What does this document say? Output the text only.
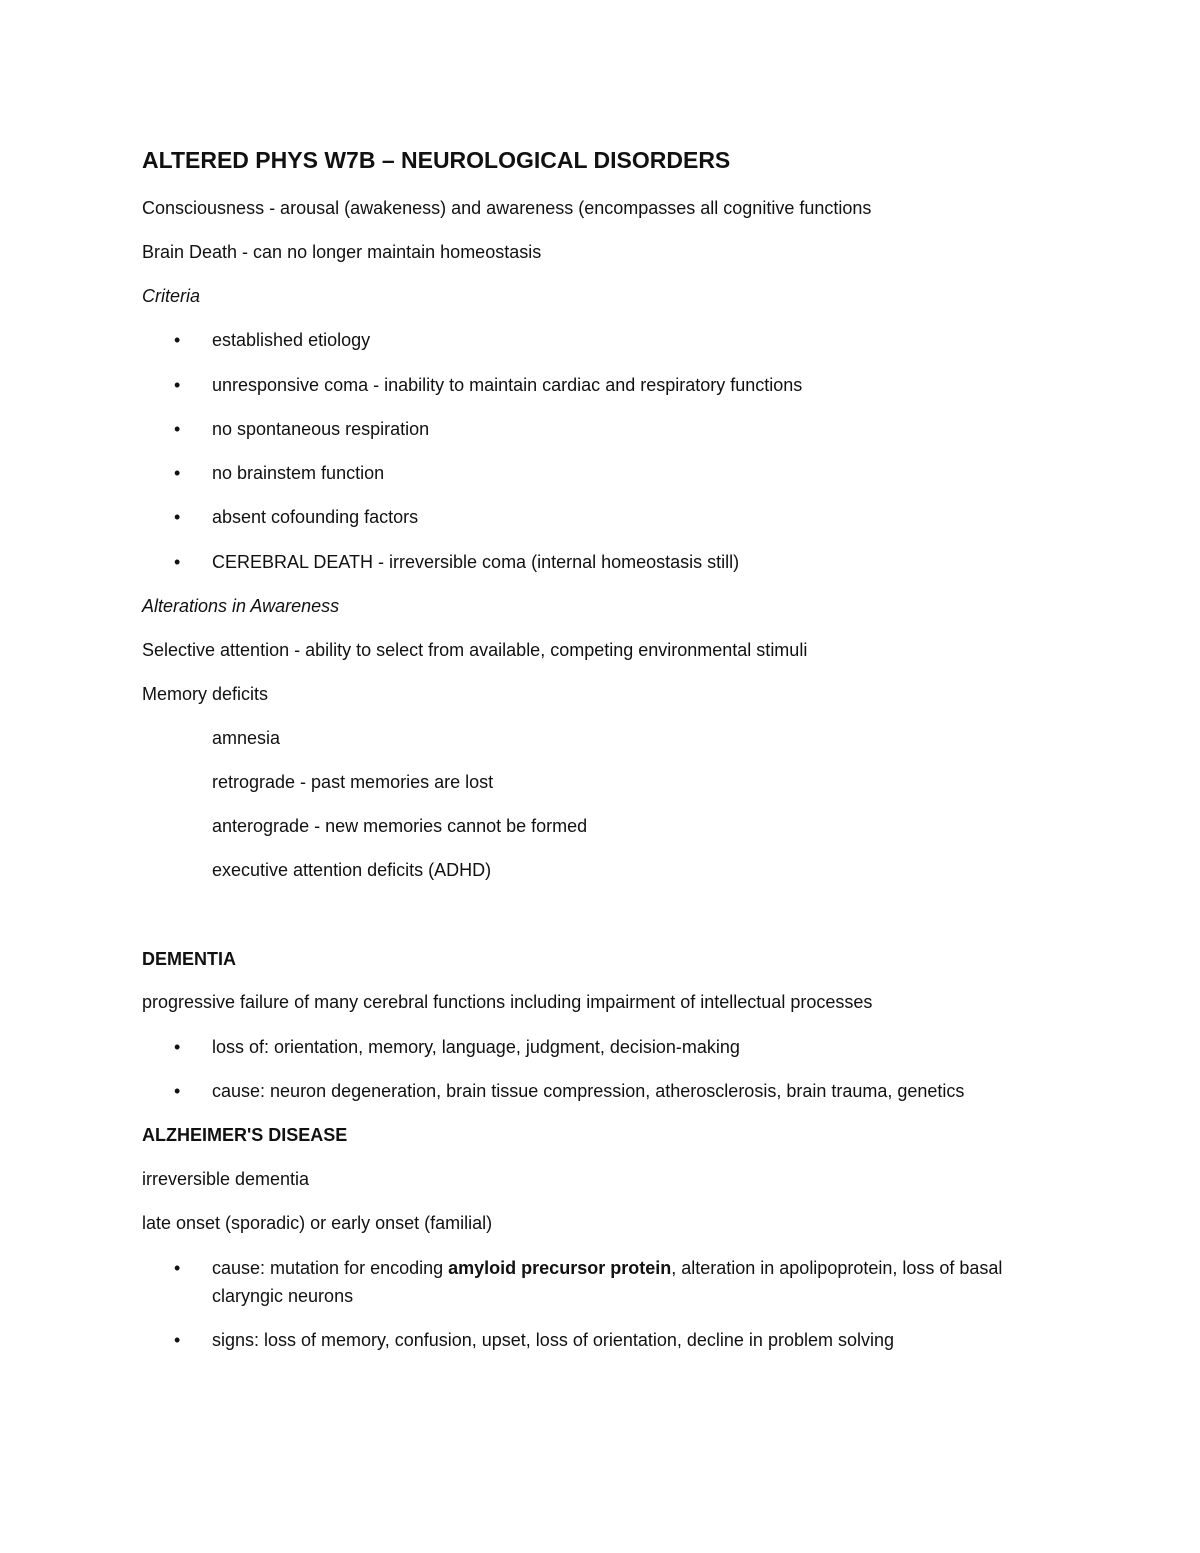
ALTERED PHYS W7B – NEUROLOGICAL DISORDERS
Consciousness - arousal (awakeness) and awareness (encompasses all cognitive functions
Brain Death - can no longer maintain homeostasis
Criteria
• established etiology
• unresponsive coma - inability to maintain cardiac and respiratory functions
• no spontaneous respiration
• no brainstem function
• absent cofounding factors
• CEREBRAL DEATH - irreversible coma (internal homeostasis still)
Alterations in Awareness
Selective attention - ability to select from available, competing environmental stimuli
Memory deficits
amnesia
retrograde - past memories are lost
anterograde - new memories cannot be formed
executive attention deficits (ADHD)
DEMENTIA
progressive failure of many cerebral functions including impairment of intellectual processes
• loss of: orientation, memory, language, judgment, decision-making
• cause: neuron degeneration, brain tissue compression, atherosclerosis, brain trauma, genetics
ALZHEIMER'S DISEASE
irreversible dementia
late onset (sporadic) or early onset (familial)
• cause: mutation for encoding amyloid precursor protein, alteration in apolipoprotein, loss of basal claryngic neurons
• signs: loss of memory, confusion, upset, loss of orientation, decline in problem solving
